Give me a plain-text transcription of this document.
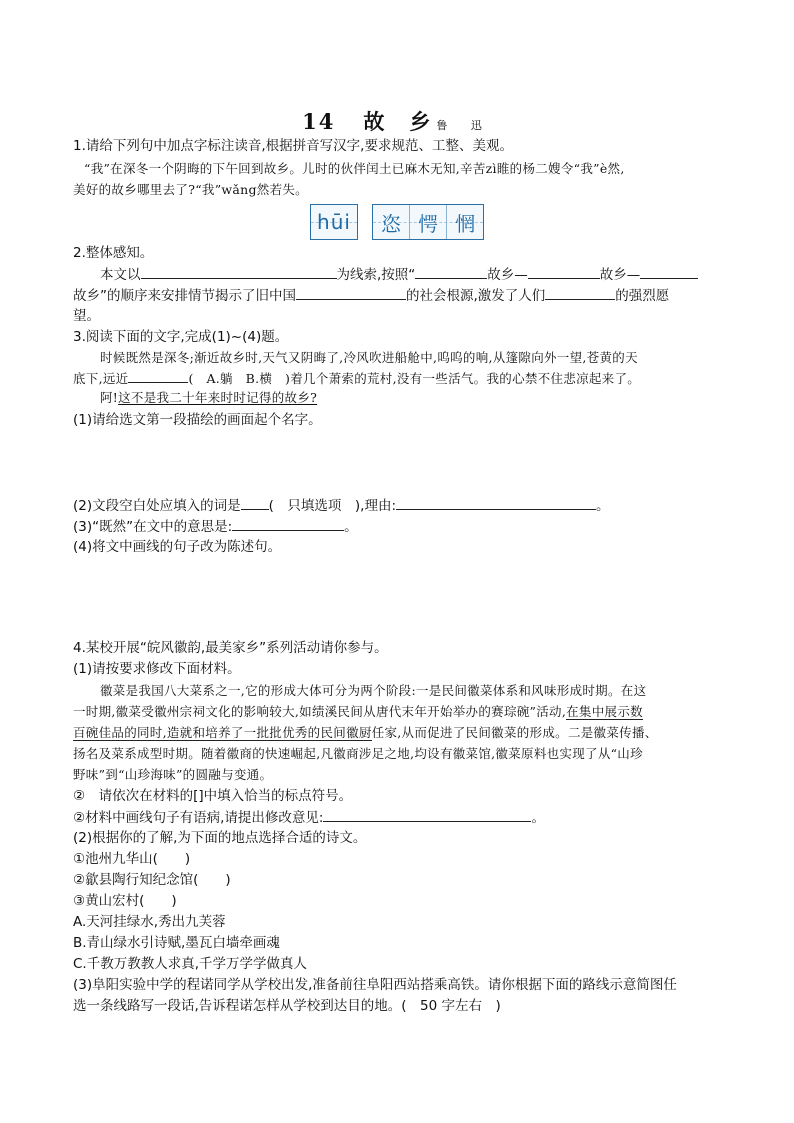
14 故　乡 鲁 迅
1.请给下列句中加点字标注读音,根据拼音写汉字,要求规范、工整、美观。
“我”在深冬一个阴晦的下午回到故乡。儿时的伙伴闰土已麻木无知,辛苦zì睢的杨二嫂令“我”è然,
美好的故乡哪里去了?“我”wǎng然若失。
hūi	恣 愕 惘
2.整体感知。
本文以	为线索,按照“	故乡—	故乡—
故乡”的顺序来安排情节揭示了旧中国	的社会根源,激发了人们	的强烈愿
望。
3.阅读下面的文字,完成(1)~(4)题。
时候既然是深冬;渐近故乡时,天气又阴晦了,冷风吹进船舱中,呜呜的响,从篷隙向外一望,苍黄的天
底下,远近	(　A.躺　B.横　)着几个萧索的荒村,没有一些活气。我的心禁不住悲凉起来了。
阿!这不是我二十年来时时记得的故乡?
(1)请给选文第一段描绘的画面起个名字。
(2)文段空白处应填入的词是 (　只填选项　),理由:	。
(3)“既然”在文中的意思是:	。
(4)将文中画线的句子改为陈述句。
4.某校开展“皖风徽韵,最美家乡”系列活动请你参与。
(1)请按要求修改下面材料。
徽菜是我国八大菜系之一,它的形成大体可分为两个阶段:一是民间徽菜体系和风味形成时期。在这
一时期,徽菜受徽州宗祠文化的影响较大,如绩溪民间从唐代末年开始举办的赛琮碗”活动,在集中展示数
百碗佳品的同时,造就和培养了一批批优秀的民间徽厨任家,从而促进了民间徽菜的形成。二是徽菜传播、
扬名及菜系成型时期。随着徽商的快速崛起,凡徽商涉足之地,均设有徽菜馆,徽菜原料也实现了从“山珍
野味”到“山珍海味”的圆融与变通。
②　请依次在材料的[]中填入恰当的标点符号。
②材料中画线句子有语病,请提出修改意见:	。
(2)根据你的了解,为下面的地点选择合适的诗文。
①池州九华山(　　)
②歙县陶行知纪念馆(　　)
③黄山宏村(　　)
A.天河挂绿水,秀出九芙蓉
B.青山绿水引诗赋,墨瓦白墙牵画魂
C.千教万教教人求真,千学万学学做真人
(3)阜阳实验中学的程诺同学从学校出发,准备前往阜阳西站搭乘高铁。请你根据下面的路线示意简图任
选一条线路写一段话,告诉程诺怎样从学校到达目的地。(　50 字左右　)
